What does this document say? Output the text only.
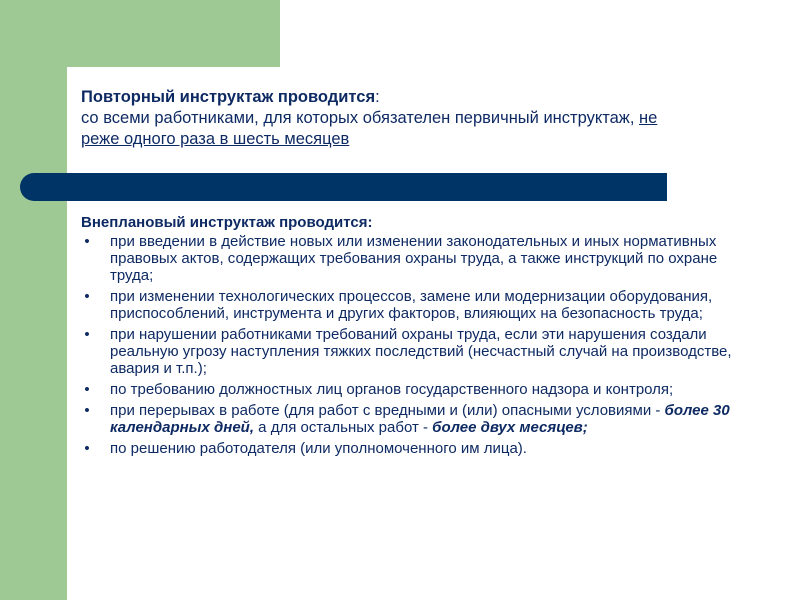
Повторный инструктаж проводится:
со всеми работниками, для которых обязателен первичный инструктаж, не реже одного раза в шесть месяцев
Внеплановый инструктаж проводится:
• при введении в действие новых или изменении законодательных и иных нормативных правовых актов, содержащих требования охраны труда, а также инструкций по охране труда;
• при изменении технологических процессов, замене или модернизации оборудования, приспособлений, инструмента и других факторов, влияющих на безопасность труда;
• при нарушении работниками требований охраны труда, если эти нарушения создали реальную угрозу наступления тяжких последствий (несчастный случай на производстве, авария и т.п.);
• по требованию должностных лиц органов государственного надзора и контроля;
• при перерывах в работе (для работ с вредными и (или) опасными условиями - более 30 календарных дней, а для остальных работ - более двух месяцев;
• по решению работодателя (или уполномоченного им лица).
